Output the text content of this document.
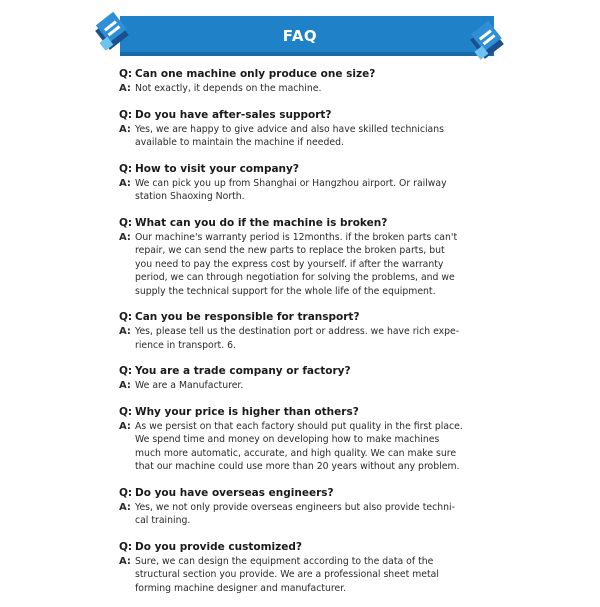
FAQ
Q: Can one machine only produce one size?
A: Not exactly, it depends on the machine.
Q: Do you have after-sales support?
A: Yes, we are happy to give advice and also have skilled technicians
available to maintain the machine if needed.
Q: How to visit your company?
A: We can pick you up from Shanghai or Hangzhou airport. Or railway
station Shaoxing North.
Q: What can you do if the machine is broken?
A: Our machine's warranty period is 12months. if the broken parts can't
repair, we can send the new parts to replace the broken parts, but
you need to pay the express cost by yourself. if after the warranty
period, we can through negotiation for solving the problems, and we
supply the technical support for the whole life of the equipment.
Q: Can you be responsible for transport?
A: Yes, please tell us the destination port or address. we have rich expe-
rience in transport. 6.
Q: You are a trade company or factory?
A: We are a Manufacturer.
Q: Why your price is higher than others?
A: As we persist on that each factory should put quality in the first place.
We spend time and money on developing how to make machines
much more automatic, accurate, and high quality. We can make sure
that our machine could use more than 20 years without any problem.
Q: Do you have overseas engineers?
A: Yes, we not only provide overseas engineers but also provide techni-
cal training.
Q: Do you provide customized?
A: Sure, we can design the equipment according to the data of the
structural section you provide. We are a professional sheet metal
forming machine designer and manufacturer.
